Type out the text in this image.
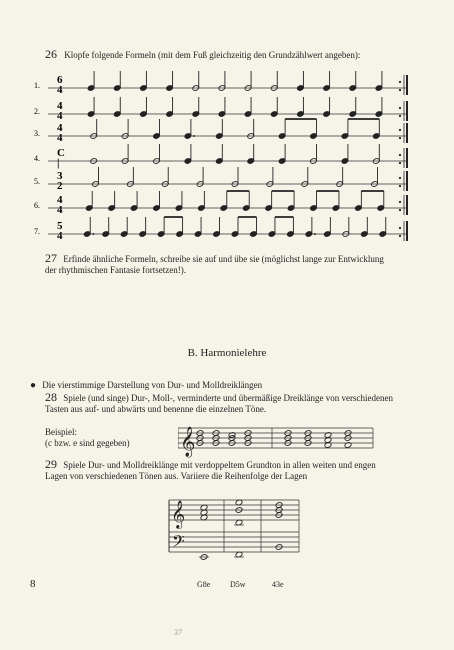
26 Klopfe folgende Formeln (mit dem Fuß gleichzeitig den Grundzählwert angeben):
1. 6
4
2. 4
4
3. 4
4
4. C
|
5. 3
2
6. 4
4
7. 5
4
27 Erfinde ähnliche Formeln, schreibe sie auf und übe sie (möglichst lange zur Entwicklung
der rhythmischen Fantasie fortsetzen!).
B. Harmonielehre
● Die vierstimmige Darstellung von Dur- und Molldreiklängen
28 Spiele (und singe) Dur-, Moll-, verminderte und übermäßige Dreiklänge von verschiedenen
Tasten aus auf- und abwärts und benenne die einzelnen Töne.
Beispiel:
(c bzw. e sind gegeben) 𝄞
29 Spiele Dur- und Molldreiklänge mit verdoppeltem Grundton in allen weiten und engen
Lagen von verschiedenen Tönen aus. Variiere die Reihenfolge der Lagen
𝄞
𝄢
G8e D5w	43e
8
37
